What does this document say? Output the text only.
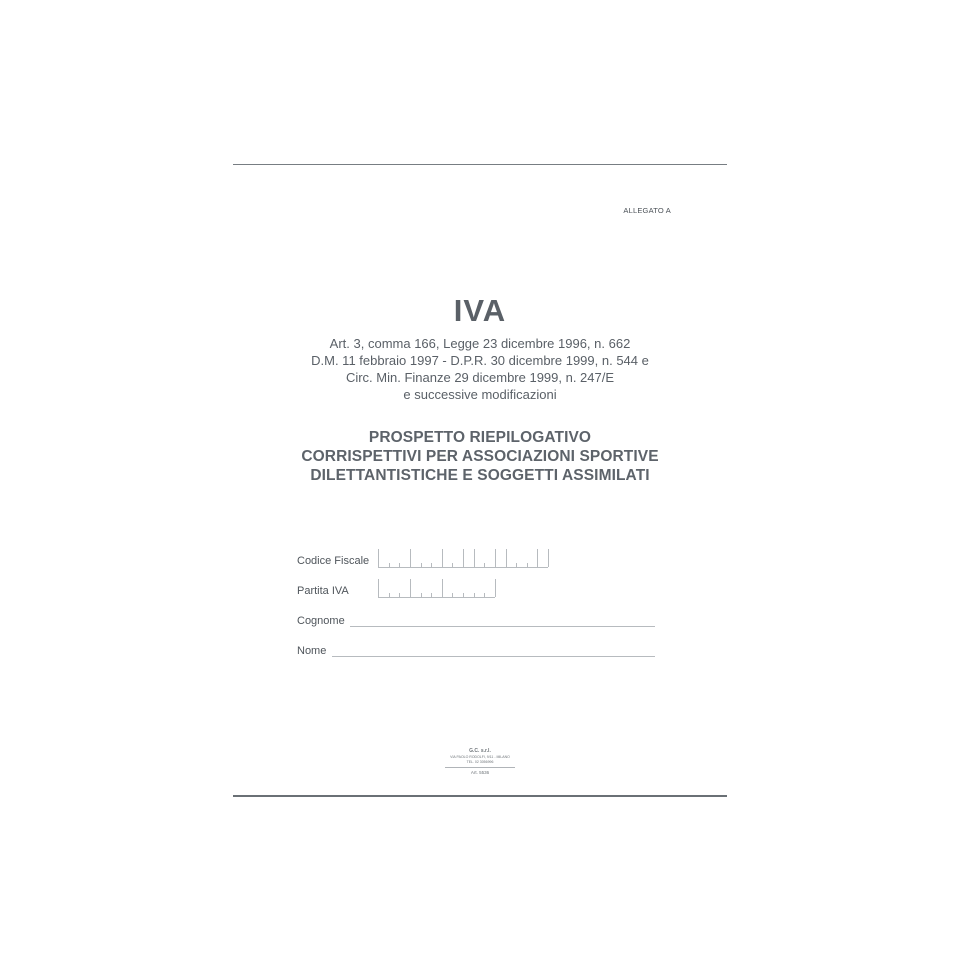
ALLEGATO A
IVA
Art. 3, comma 166, Legge 23 dicembre 1996, n. 662
D.M. 11 febbraio 1997 - D.P.R. 30 dicembre 1999, n. 544 e
Circ. Min. Finanze 29 dicembre 1999, n. 247/E
e successive modificazioni
PROSPETTO RIEPILOGATIVO
CORRISPETTIVI PER ASSOCIAZIONI SPORTIVE
DILETTANTISTICHE E SOGGETTI ASSIMILATI
Codice Fiscale
Partita IVA
Cognome
Nome
G.C. s.r.l.
VIA PAOLO RODOLFI, 9/11 - MILANO
TEL. 02 3056996
Art. 5536
